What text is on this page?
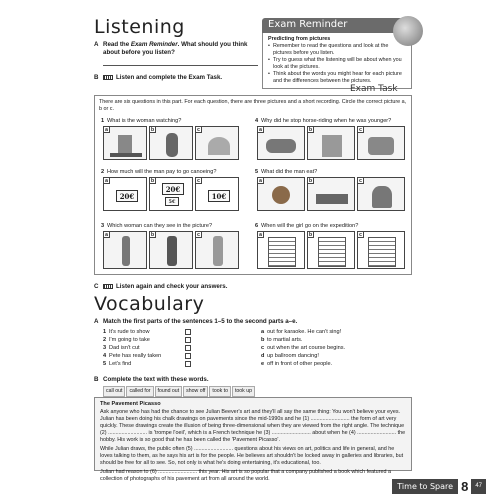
Listening
A Read the Exam Reminder. What should you think
about before you listen?
B	Listen and complete the Exam Task.
Exam Reminder
Predicting from pictures
• Remember to read the questions and look at the pictures before you listen.
• Try to guess what the listening will be about when you look at the pictures.
• Think about the words you might hear for each picture and the differences between the pictures.
Exam Task
There are six questions in this part. For each question, there are three pictures and a short recording. Circle the correct picture a, b or c.
1 What is the woman watching?
a	b	c
4 Why did he stop horse-riding when he was younger?
a	b	c
2 How much will the man pay to go canoeing?
a
20€
b
20€
5€
c
10€
5 What did the man eat?
a	b	c
3 Which woman can they see in the picture?
a	b	c
6 When will the girl go on the expedition?
a	b	c
C	Listen again and check your answers.
Vocabulary
A Match the first parts of the sentences 1–5 to the second parts a–e.
1 It's rude to show
2 I'm going to take
3 Dad isn't cut
4 Pete has really taken
5 Let's find
a out for karaoke. He can't sing!
b to martial arts.
c out when the art course begins.
d up ballroom dancing!
e off in front of other people.
B Complete the text with these words.
call out called for found out show off took to took up
The Pavement Picasso

Ask anyone who has had the chance to see Julian Beever's art and they'll all say the same thing: You won't believe your eyes. Julian has been doing his chalk drawings on pavements since the mid-1990s and he (1) .......................... the form of art very quickly. These drawings create the illusion of being three-dimensional when they are viewed from the right angle. The technique (2) .......................... is 'trompe l'oeil', which is a French technique he (3) .......................... about when he (4) .......................... the hobby. His work is so good that he has been called the 'Pavement Picasso'.

While Julian draws, the public often (5) .......................... questions about his views on art, politics and life in general, and he loves talking to them, as he says his art is for the people. He believes art shouldn't be locked away in galleries and libraries, but should be free for all to see. So, not only is what he's doing entertaining, it's educational, too.

Julian had reason to (6) .......................... this year. His art is so popular that a company published a book which featured a collection of photographs of his pavement art from all around the world.

Time to Spare 8	47
